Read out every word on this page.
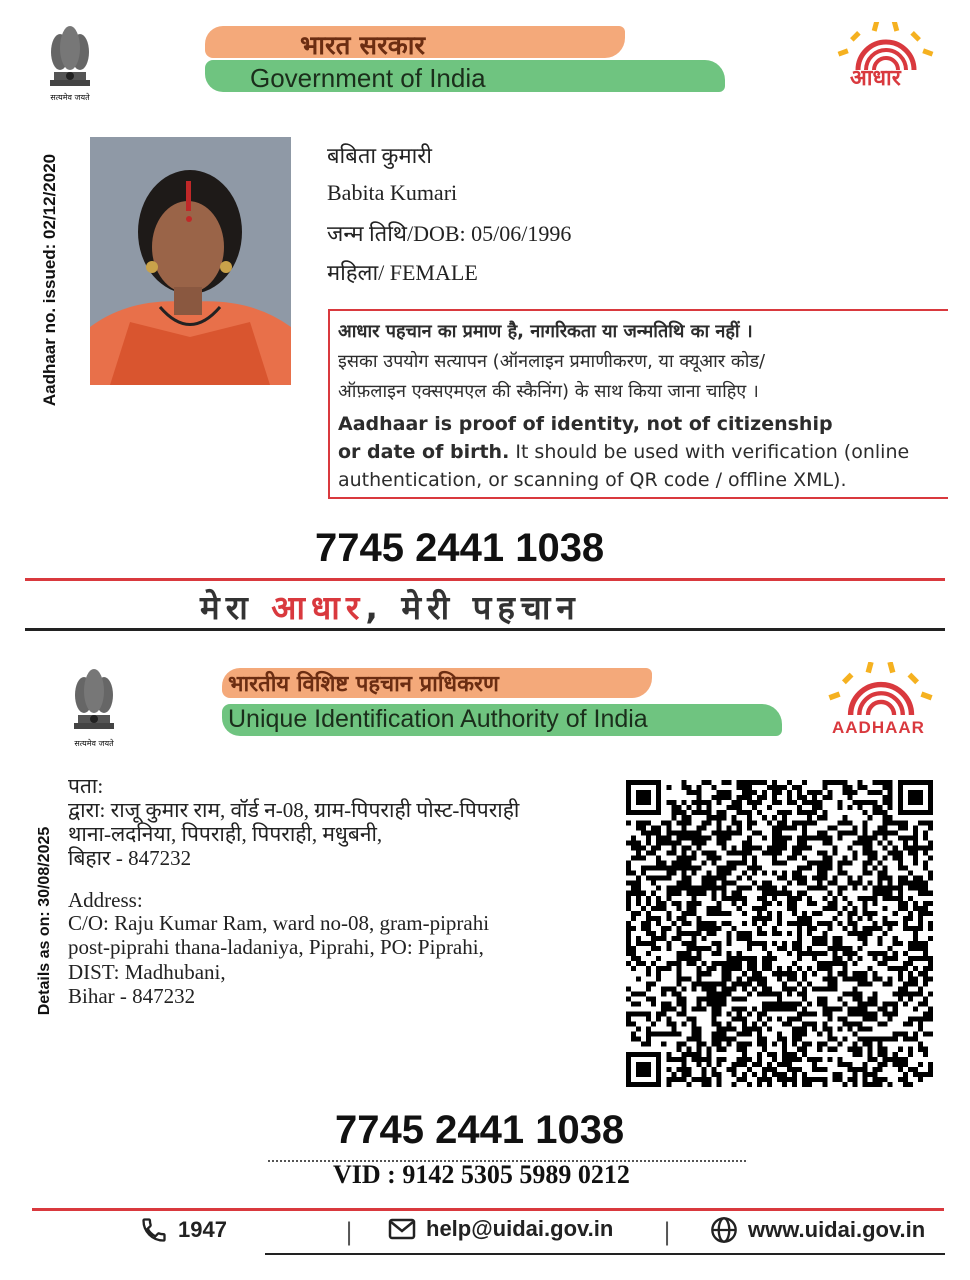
सत्यमेव जयते
भारत सरकार
Government of India	आधार
Aadhaar no. issued: 02/12/2020	बबिता कुमारी
Babita Kumari
जन्म तिथि/DOB: 05/06/1996
महिला/ FEMALE
आधार पहचान का प्रमाण है, नागरिकता या जन्मतिथि का नहीं ।
इसका उपयोग सत्यापन (ऑनलाइन प्रमाणीकरण, या क्यूआर कोड/
ऑफ़लाइन एक्सएमएल की स्कैनिंग) के साथ किया जाना चाहिए ।
Aadhaar is proof of identity, not of citizenship
or date of birth. It should be used with verification (online
authentication, or scanning of QR code / offline XML).
7745 2441 1038
मेरा आधार, मेरी पहचान
सत्यमेव जयते
भारतीय विशिष्ट पहचान प्राधिकरण
Unique Identification Authority of India	AADHAAR
Details as on: 30/08/2025
पता:
द्वारा: राजू कुमार राम, वॉर्ड न-08, ग्राम-पिपराही पोस्ट-पिपराही
थाना-लदनिया, पिपराही, पिपराही, मधुबनी,
बिहार - 847232
Address:
C/O: Raju Kumar Ram, ward no-08, gram-piprahi
post-piprahi thana-ladaniya, Piprahi, PO: Piprahi,
DIST: Madhubani,
Bihar - 847232
7745 2441 1038
VID : 9142 5305 5989 0212
1947	|	help@uidai.gov.in |	www.uidai.gov.in
